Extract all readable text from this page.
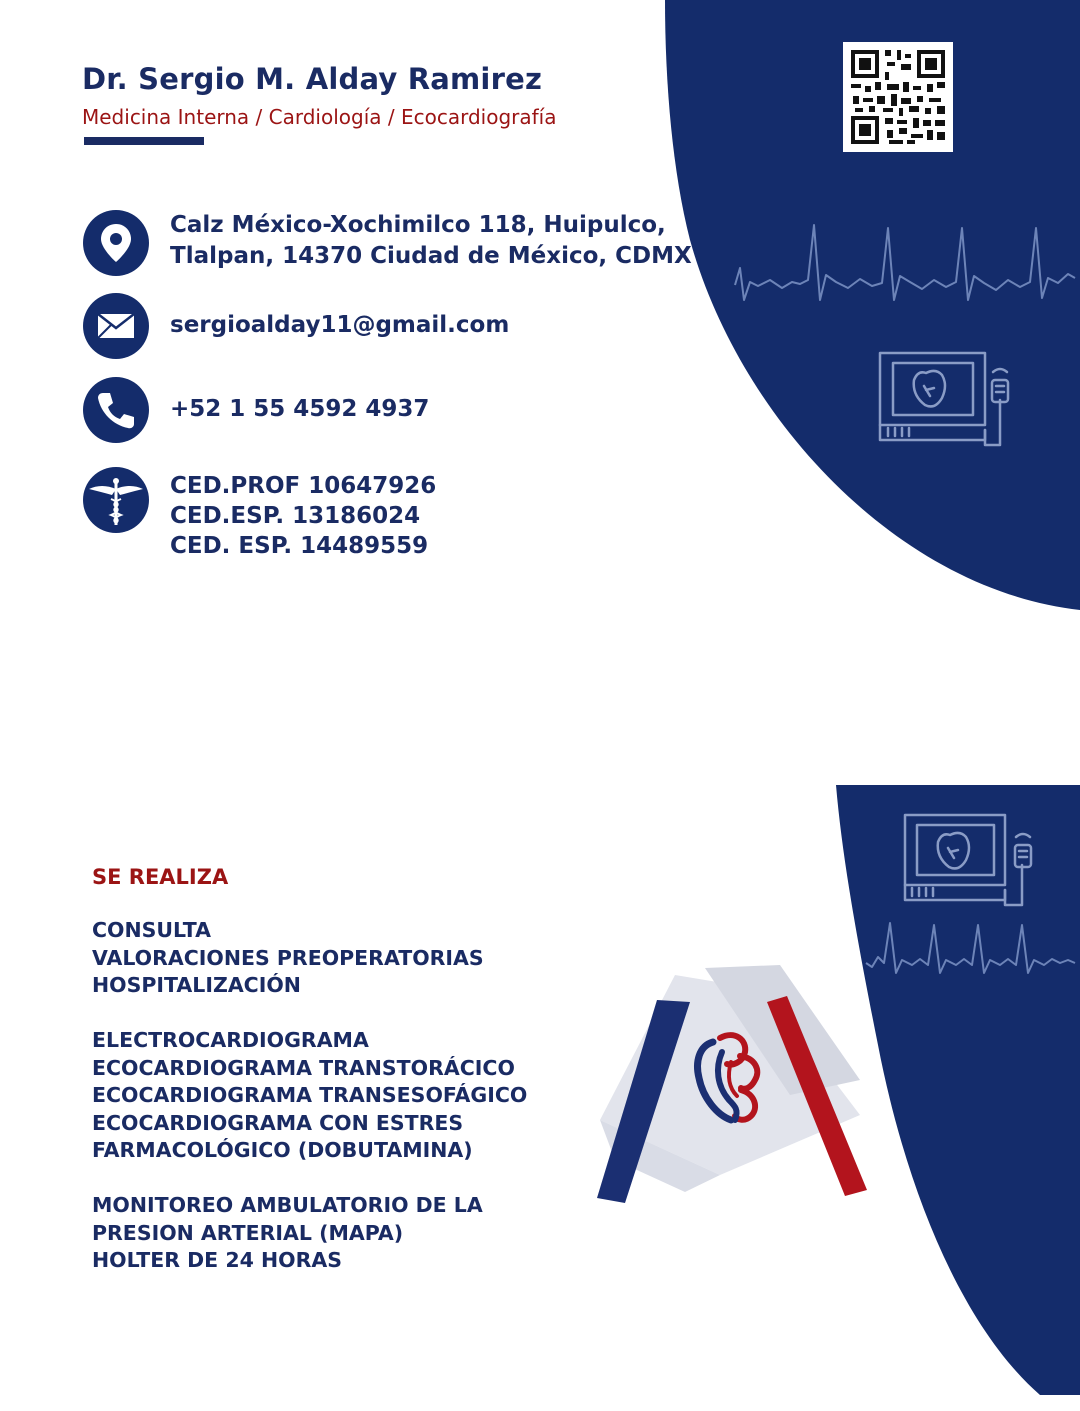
Dr. Sergio M. Alday Ramirez

Medicina Interna / Cardiología / Ecocardiografía

Calz México-Xochimilco 118, Huipulco,
Tlalpan, 14370 Ciudad de México, CDMX

sergioalday11@gmail.com

+52 1 55 4592 4937

CED.PROF 10647926
CED.ESP. 13186024
CED. ESP. 14489559

SE REALIZA
CONSULTA
VALORACIONES PREOPERATORIAS
HOSPITALIZACIÓN
ELECTROCARDIOGRAMA
ECOCARDIOGRAMA TRANSTORÁCICO
ECOCARDIOGRAMA TRANSESOFÁGICO
ECOCARDIOGRAMA CON ESTRES
FARMACOLÓGICO (DOBUTAMINA)
MONITOREO AMBULATORIO DE LA
PRESION ARTERIAL (MAPA)
HOLTER DE 24 HORAS
